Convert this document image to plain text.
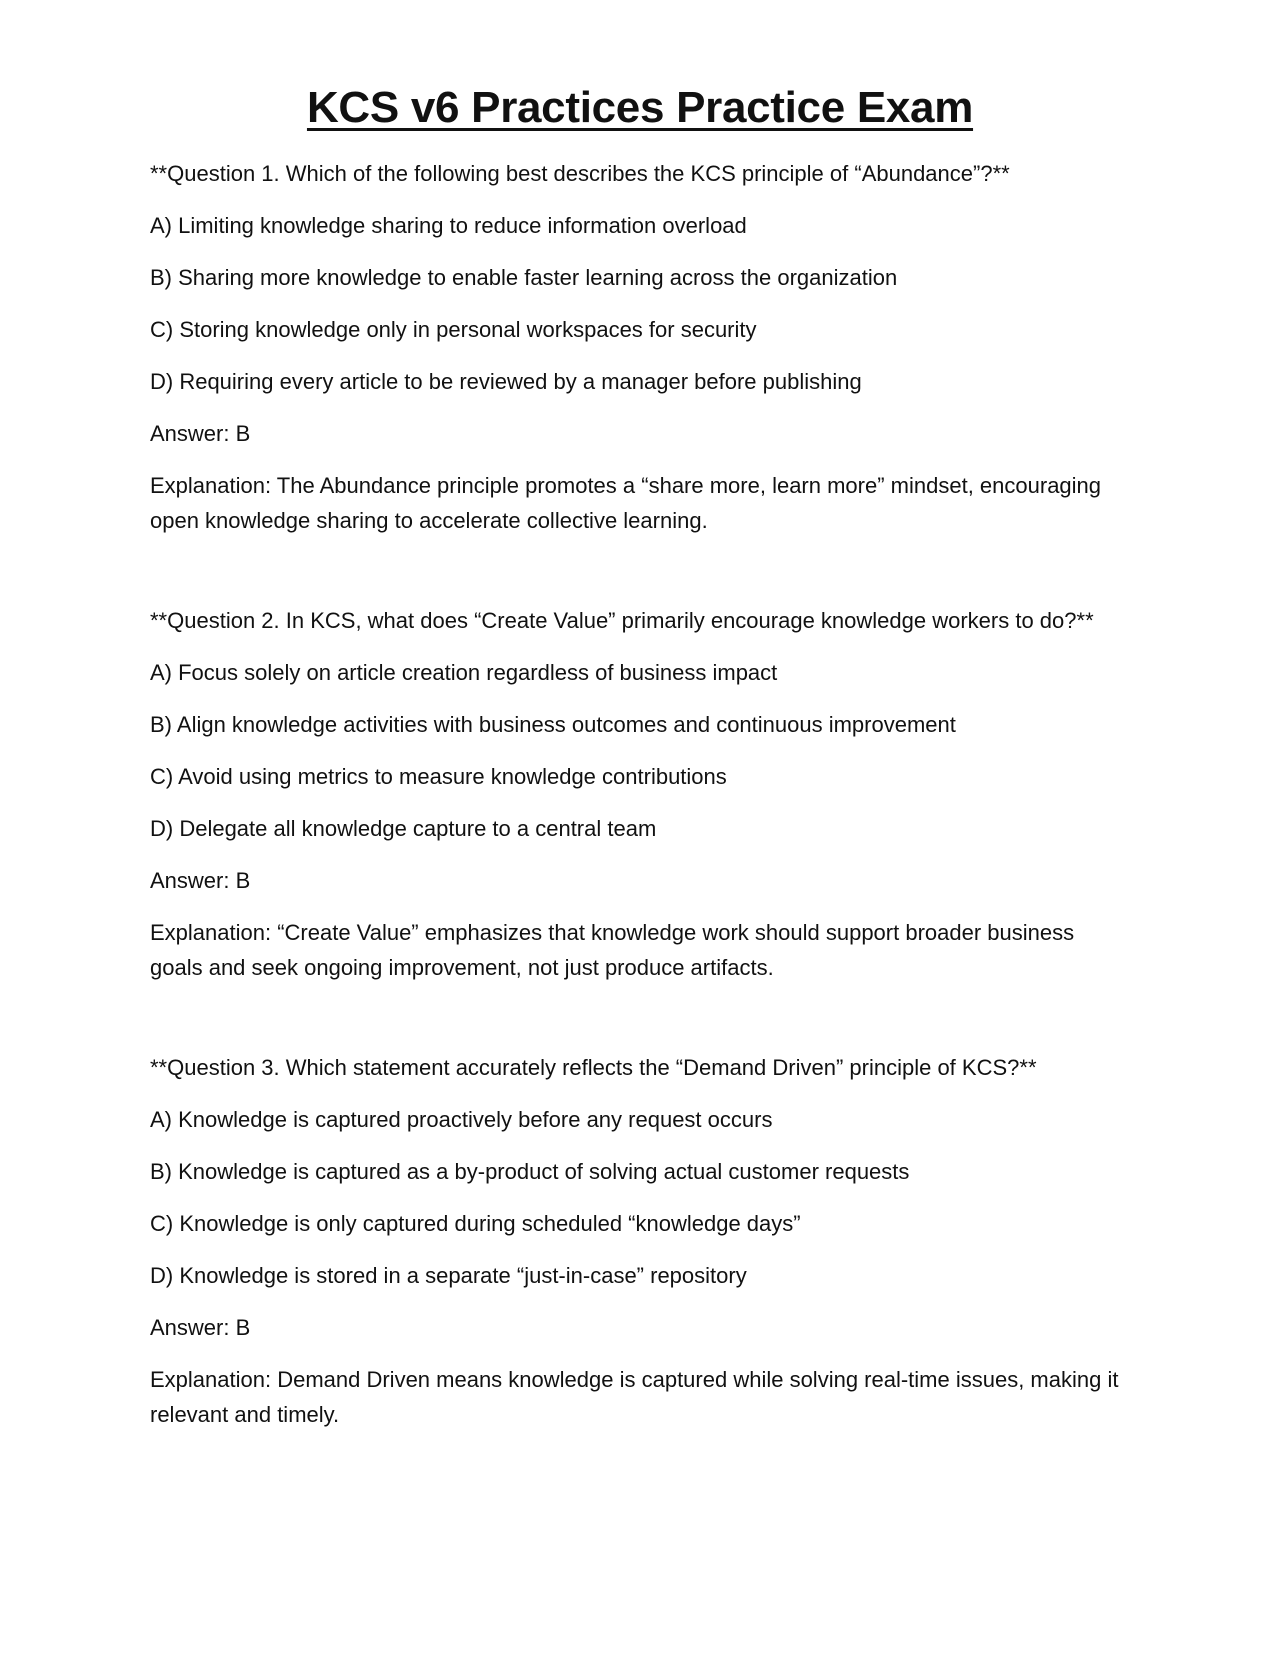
KCS v6 Practices Practice Exam

**Question 1. Which of the following best describes the KCS principle of “Abundance”?**

A) Limiting knowledge sharing to reduce information overload

B) Sharing more knowledge to enable faster learning across the organization

C) Storing knowledge only in personal workspaces for security

D) Requiring every article to be reviewed by a manager before publishing

Answer: B

Explanation: The Abundance principle promotes a “share more, learn more” mindset, encouraging open knowledge sharing to accelerate collective learning.

**Question 2. In KCS, what does “Create Value” primarily encourage knowledge workers to do?**

A) Focus solely on article creation regardless of business impact

B) Align knowledge activities with business outcomes and continuous improvement

C) Avoid using metrics to measure knowledge contributions

D) Delegate all knowledge capture to a central team

Answer: B

Explanation: “Create Value” emphasizes that knowledge work should support broader business goals and seek ongoing improvement, not just produce artifacts.

**Question 3. Which statement accurately reflects the “Demand Driven” principle of KCS?**

A) Knowledge is captured proactively before any request occurs

B) Knowledge is captured as a by-product of solving actual customer requests

C) Knowledge is only captured during scheduled “knowledge days”

D) Knowledge is stored in a separate “just-in-case” repository

Answer: B

Explanation: Demand Driven means knowledge is captured while solving real-time issues, making it relevant and timely.
